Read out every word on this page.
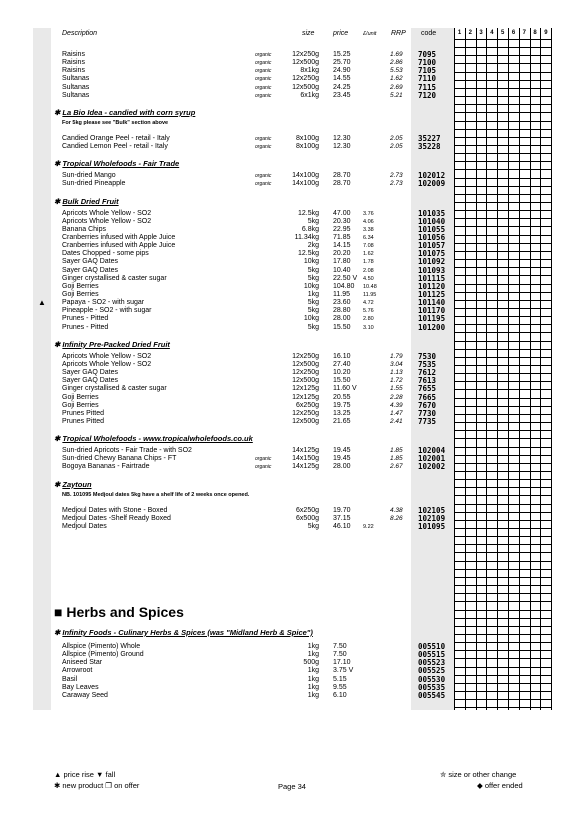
Description	size	price	£/unit RRP code	1	2	3	4	5	6	7	8	9
Raisins	organic	12x250g 15.25	1.69 7095
Raisins	organic	12x500g 25.70	2.86 7100
Raisins	organic	8x1kg 24.90	5.53 7105
Sultanas	organic	12x250g 14.55	1.62 7110
Sultanas	organic	12x500g 24.25	2.69 7115
Sultanas	organic	6x1kg 23.45	5.21 7120
✱ La Bio Idea - candied with corn syrup
For 5kg please see "Bulk" section above
Candied Orange Peel - retail - Italy	organic	8x100g 12.30	2.05 35227
Candied Lemon Peel - retail - Italy	organic	8x100g 12.30	2.05 35228
✱ Tropical Wholefoods - Fair Trade
Sun-dried Mango	organic	14x100g 28.70	2.73 102012
Sun-dried Pineapple	organic	14x100g 28.70	2.73 102009
✱ Bulk Dried Fruit
Apricots Whole Yellow - SO2	12.5kg 47.00 3.76	101035
Apricots Whole Yellow - SO2	5kg 20.30 4.06	101040
Banana Chips	6.8kg 22.95 3.38	101055
Cranberries infused with Apple Juice	11.34kg 71.85 6.34	101056
Cranberries infused with Apple Juice	2kg 14.15 7.08	101057
Dates Chopped - some pips	12.5kg 20.20 1.62	101075
Sayer GAQ Dates	10kg 17.80 1.78	101092
Sayer GAQ Dates	5kg 10.40 2.08	101093
Ginger crystallised & caster sugar	5kg 22.50 V 4.50	101115
Goji Berries	10kg 104.80 10.48	101120
Goji Berries	1kg 11.95 11.95	101125
Papaya - SO2 - with sugar	5kg 23.60 4.72	101140
▲
Pineapple - SO2 - with sugar	5kg 28.80 5.76	101170
Prunes - Pitted	10kg 28.00 2.80	101195
Prunes - Pitted	5kg 15.50 3.10	101200
✱ Infinity Pre-Packed Dried Fruit
Apricots Whole Yellow - SO2	12x250g 16.10	1.79 7530
Apricots Whole Yellow - SO2	12x500g 27.40	3.04 7535
Sayer GAQ Dates	12x250g 10.20	1.13 7612
Sayer GAQ Dates	12x500g 15.50	1.72 7613
Ginger crystallised & caster sugar	12x125g 11.60 V	1.55 7655
Goji Berries	12x125g 20.55	2.28 7665
Goji Berries	6x250g 19.75	4.39 7670
Prunes Pitted	12x250g 13.25	1.47 7730
Prunes Pitted	12x500g 21.65	2.41 7735
✱ Tropical Wholefoods - www.tropicalwholefoods.co.uk
Sun-dried Apricots - Fair Trade - with SO2	14x125g 19.45	1.85 102004
Sun-dried Chewy Banana Chips - FT	organic	14x150g 19.45	1.85 102001
Bogoya Bananas - Fairtrade	organic	14x125g 28.00	2.67 102002
✱ Zaytoun
NB. 101095 Medjoul dates 5kg have a shelf life of 2 weeks once opened.
Medjoul Dates with Stone - Boxed	6x250g 19.70	4.38 102105
Medjoul Dates -Shelf Ready Boxed	6x500g 37.15	8.26 102109
Medjoul Dates	5kg 46.10 9.22	101095
■ Herbs and Spices
✱ Infinity Foods - Culinary Herbs & Spices (was "Midland Herb & Spice")
Allspice (Pimento) Whole	1kg 7.50	005510
Allspice (Pimento) Ground	1kg 7.50	005515
Aniseed Star	500g 17.10	005523
Arrowroot	1kg 3.75 V	005525
Basil	1kg 5.15	005530
Bay Leaves	1kg 9.55	005535
Caraway Seed	1kg 6.10	005545
▲ price rise ▼ fall
✱ new product ❐ on offer	Page 34
✮ size or other change
◆ offer ended
